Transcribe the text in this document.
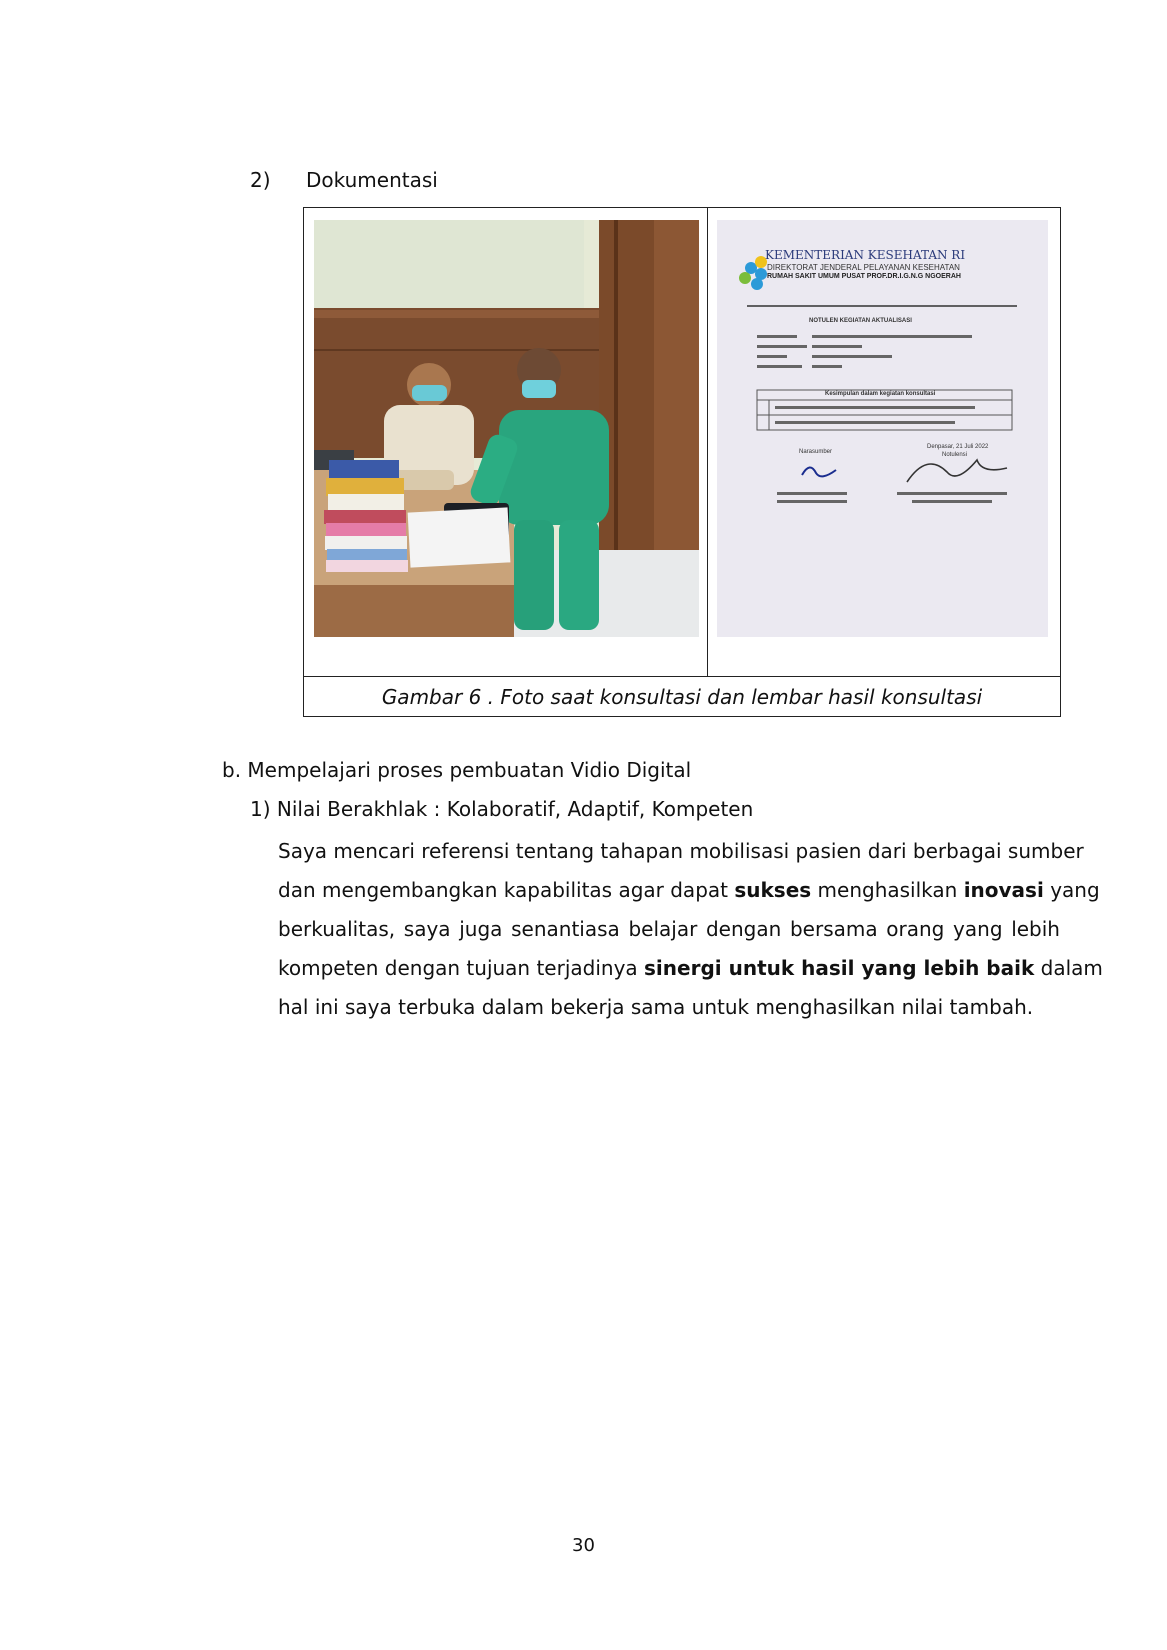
2) Dokumentasi
KEMENTERIAN KESEHATAN RI
DIREKTORAT JENDERAL PELAYANAN KESEHATAN
RUMAH SAKIT UMUM PUSAT PROF.DR.I.G.N.G NGOERAH
NOTULEN KEGIATAN AKTUALISASI
Kesimpulan dalam kegiatan konsultasi
Denpasar, 21 Juli 2022
Narasumber	Notulensi
Gambar 6 . Foto saat konsultasi dan lembar hasil konsultasi
b. Mempelajari proses pembuatan Vidio Digital
1) Nilai Berakhlak : Kolaboratif, Adaptif, Kompeten
Saya mencari referensi tentang tahapan mobilisasi pasien dari berbagai sumber
dan mengembangkan kapabilitas agar dapat sukses menghasilkan inovasi yang
berkualitas, saya juga senantiasa belajar dengan bersama orang yang lebih
kompeten dengan tujuan terjadinya sinergi untuk hasil yang lebih baik dalam
hal ini saya terbuka dalam bekerja sama untuk menghasilkan nilai tambah.
30
